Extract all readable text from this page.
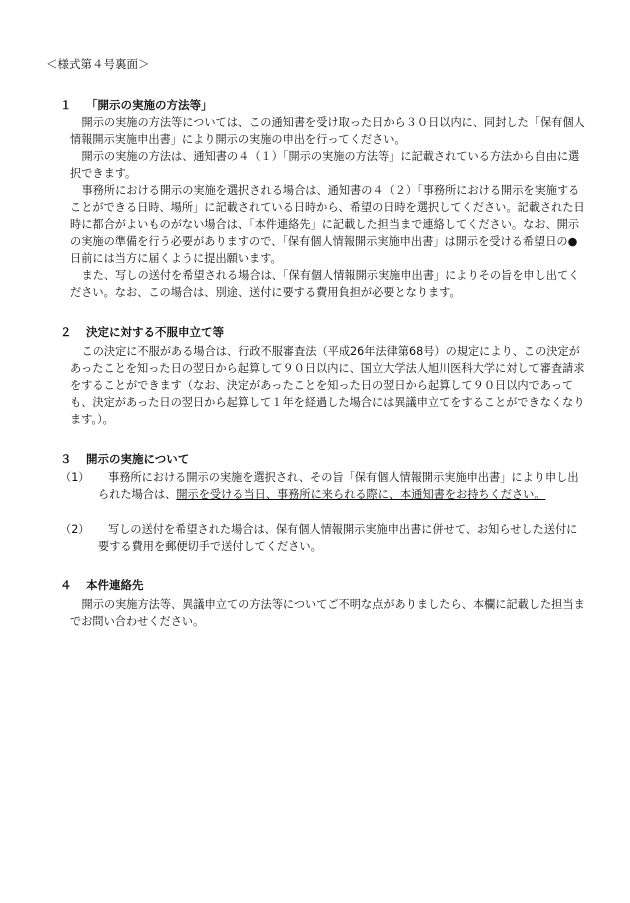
＜様式第４号裏面＞
１ 「開示の実施の方法等」
開示の実施の方法等については、この通知書を受け取った日から３０日以内に、同封した「保有個人情報開示実施申出書」により開示の実施の申出を行ってください。
開示の実施の方法は、通知書の４（１）「開示の実施の方法等」に記載されている方法から自由に選択できます。
事務所における開示の実施を選択される場合は、通知書の４（２）「事務所における開示を実施することができる日時、場所」に記載されている日時から、希望の日時を選択してください。記載された日時に都合がよいものがない場合は、「本件連絡先」に記載した担当まで連絡してください。なお、開示の実施の準備を行う必要がありますので、「保有個人情報開示実施申出書」は開示を受ける希望日の●日前には当方に届くように提出願います。
また、写しの送付を希望される場合は、「保有個人情報開示実施申出書」によりその旨を申し出てください。なお、この場合は、別途、送付に要する費用負担が必要となります。
２ 決定に対する不服申立て等
この決定に不服がある場合は、行政不服審査法（平成26年法律第68号）の規定により、この決定があったことを知った日の翌日から起算して９０日以内に、国立大学法人旭川医科大学に対して審査請求をすることができます（なお、決定があったことを知った日の翌日から起算して９０日以内であっても、決定があった日の翌日から起算して１年を経過した場合には異議申立てをすることができなくなります。）。
３ 開示の実施について
（1）	事務所における開示の実施を選択され、その旨「保有個人情報開示実施申出書」により申し出られた場合は、開示を受ける当日、事務所に来られる際に、本通知書をお持ちください。
（2）	写しの送付を希望された場合は、保有個人情報開示実施申出書に併せて、お知らせした送付に要する費用を郵便切手で送付してください。
４ 本件連絡先
開示の実施方法等、異議申立ての方法等についてご不明な点がありましたら、本欄に記載した担当までお問い合わせください。
